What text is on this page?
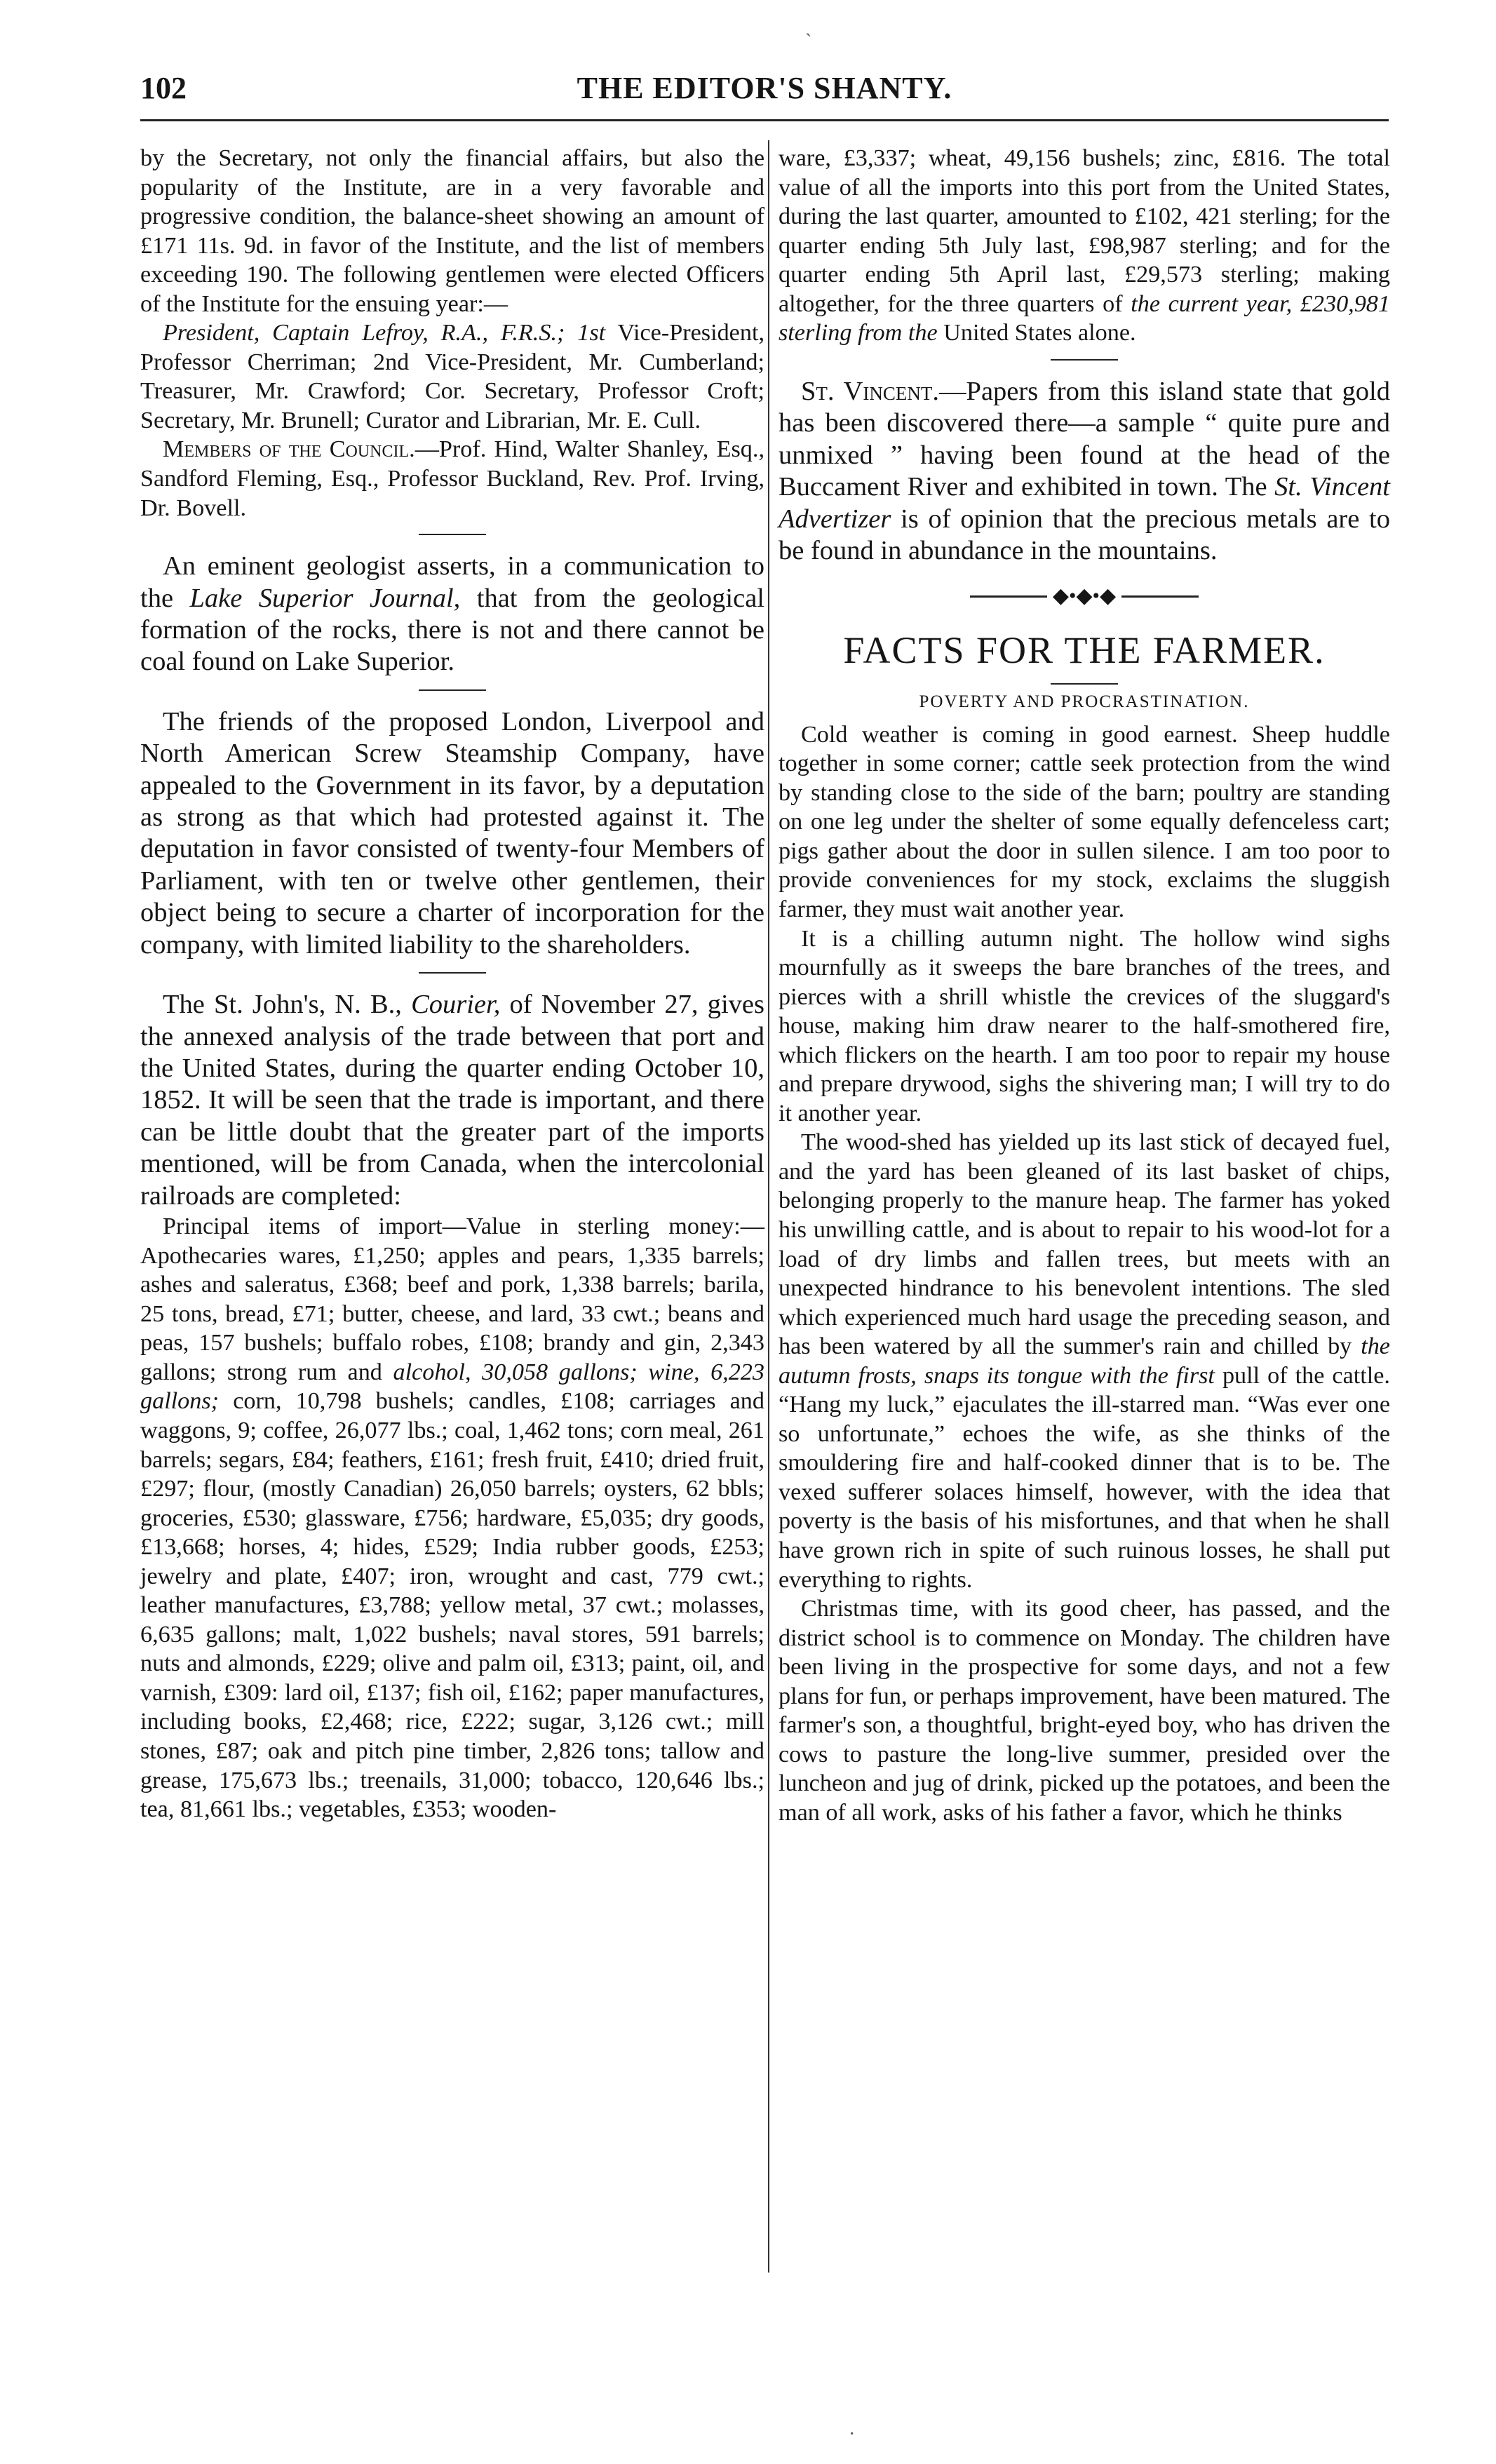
102	THE EDITOR'S SHANTY.

by the Secretary, not only the financial affairs, but also the popularity of the Institute, are in a very favorable and progressive condition, the balance-sheet showing an amount of £171 11s. 9d. in favor of the Institute, and the list of members exceeding 190. The following gentlemen were elected Officers of the Institute for the ensuing year:—

President, Captain Lefroy, R.A., F.R.S.; 1st Vice-President, Professor Cherriman; 2nd Vice-President, Mr. Cumberland; Treasurer, Mr. Crawford; Cor. Secretary, Professor Croft; Secretary, Mr. Brunell; Curator and Librarian, Mr. E. Cull.

Members of the Council.—Prof. Hind, Walter Shanley, Esq., Sandford Fleming, Esq., Professor Buckland, Rev. Prof. Irving, Dr. Bovell.

An eminent geologist asserts, in a communication to the Lake Superior Journal, that from the geological formation of the rocks, there is not and there cannot be coal found on Lake Superior.

The friends of the proposed London, Liverpool and North American Screw Steamship Company, have appealed to the Government in its favor, by a deputation as strong as that which had protested against it. The deputation in favor consisted of twenty-four Members of Parliament, with ten or twelve other gentlemen, their object being to secure a charter of incorporation for the company, with limited liability to the shareholders.

The St. John's, N. B., Courier, of November 27, gives the annexed analysis of the trade between that port and the United States, during the quarter ending October 10, 1852. It will be seen that the trade is important, and there can be little doubt that the greater part of the imports mentioned, will be from Canada, when the intercolonial railroads are completed:

Principal items of import—Value in sterling money:—Apothecaries wares, £1,250; apples and pears, 1,335 barrels; ashes and saleratus, £368; beef and pork, 1,338 barrels; barila, 25 tons, bread, £71; butter, cheese, and lard, 33 cwt.; beans and peas, 157 bushels; buffalo robes, £108; brandy and gin, 2,343 gallons; strong rum and alcohol, 30,058 gallons; wine, 6,223 gallons; corn, 10,798 bushels; candles, £108; carriages and waggons, 9; coffee, 26,077 lbs.; coal, 1,462 tons; corn meal, 261 barrels; segars, £84; feathers, £161; fresh fruit, £410; dried fruit, £297; flour, (mostly Canadian) 26,050 barrels; oysters, 62 bbls; groceries, £530; glassware, £756; hardware, £5,035; dry goods, £13,668; horses, 4; hides, £529; India rubber goods, £253; jewelry and plate, £407; iron, wrought and cast, 779 cwt.; leather manufactures, £3,788; yellow metal, 37 cwt.; molasses, 6,635 gallons; malt, 1,022 bushels; naval stores, 591 barrels; nuts and almonds, £229; olive and palm oil, £313; paint, oil, and varnish, £309: lard oil, £137; fish oil, £162; paper manufactures, including books, £2,468; rice, £222; sugar, 3,126 cwt.; mill stones, £87; oak and pitch pine timber, 2,826 tons; tallow and grease, 175,673 lbs.; treenails, 31,000; tobacco, 120,646 lbs.; tea, 81,661 lbs.; vegetables, £353; wooden-

ware, £3,337; wheat, 49,156 bushels; zinc, £816. The total value of all the imports into this port from the United States, during the last quarter, amounted to £102, 421 sterling; for the quarter ending 5th July last, £98,987 sterling; and for the quarter ending 5th April last, £29,573 sterling; making altogether, for the three quarters of the current year, £230,981 sterling from the United States alone.

St. Vincent.—Papers from this island state that gold has been discovered there—a sample “ quite pure and unmixed ” having been found at the head of the Buccament River and exhibited in town. The St. Vincent Advertizer is of opinion that the precious metals are to be found in abundance in the mountains.

◆•◆•◆
FACTS FOR THE FARMER.
POVERTY AND PROCRASTINATION.

Cold weather is coming in good earnest. Sheep huddle together in some corner; cattle seek protection from the wind by standing close to the side of the barn; poultry are standing on one leg under the shelter of some equally defenceless cart; pigs gather about the door in sullen silence. I am too poor to provide conveniences for my stock, exclaims the sluggish farmer, they must wait another year.

It is a chilling autumn night. The hollow wind sighs mournfully as it sweeps the bare branches of the trees, and pierces with a shrill whistle the crevices of the sluggard's house, making him draw nearer to the half-smothered fire, which flickers on the hearth. I am too poor to repair my house and prepare drywood, sighs the shivering man; I will try to do it another year.

The wood-shed has yielded up its last stick of decayed fuel, and the yard has been gleaned of its last basket of chips, belonging properly to the manure heap. The farmer has yoked his unwilling cattle, and is about to repair to his wood-lot for a load of dry limbs and fallen trees, but meets with an unexpected hindrance to his benevolent intentions. The sled which experienced much hard usage the preceding season, and has been watered by all the summer's rain and chilled by the autumn frosts, snaps its tongue with the first pull of the cattle. “Hang my luck,” ejaculates the ill-starred man. “Was ever one so unfortunate,” echoes the wife, as she thinks of the smouldering fire and half-cooked dinner that is to be. The vexed sufferer solaces himself, however, with the idea that poverty is the basis of his misfortunes, and that when he shall have grown rich in spite of such ruinous losses, he shall put everything to rights.

Christmas time, with its good cheer, has passed, and the district school is to commence on Monday. The children have been living in the prospective for some days, and not a few plans for fun, or perhaps improvement, have been matured. The farmer's son, a thoughtful, bright-eyed boy, who has driven the cows to pasture the long-live summer, presided over the luncheon and jug of drink, picked up the potatoes, and been the man of all work, asks of his father a favor, which he thinks

ˏ
·
